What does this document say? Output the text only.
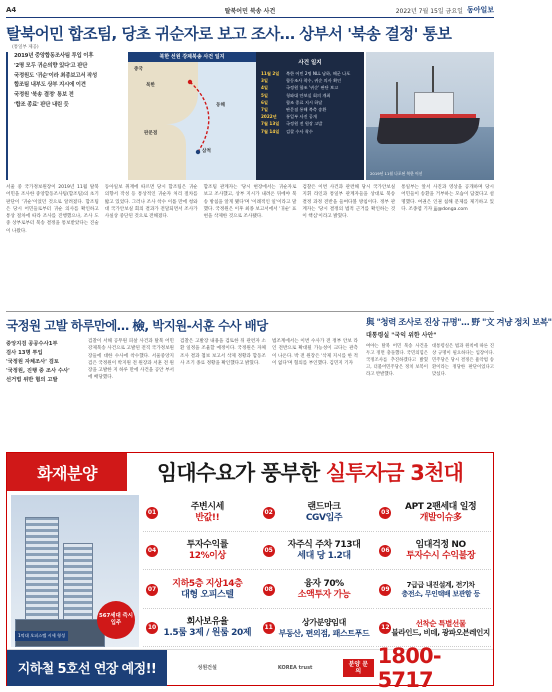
A4	탈북어민 북송 사건	2022년 7월 15일 금요일 동아일보
탈북어민 합조팀, 당초 귀순자로 보고 조사… 상부서 '북송 결정' 통보
(통일부 제공)

2019년 중앙합동조사팀 투입 이후

'2명 모두 귀순의향 있다'고 판단

국정원도 '귀순'이라 최종보고서 작성

합조팀 내부도 상부 지시에 이견

국정원 '북송 결정' 통보 전

'합조 종료' 판단 내린 듯

북한 선원 강제북송 사건 일지
북한
동해
삼척
중국
판문점
사건 일지
11월 2일	북한 어민 2명 NLL 남하, 해군 나포
3일	합동조사 착수, 귀순 의사 확인
4일	국정원 합조 '귀순' 판단 보고
5일	청와대 안보실 회의 개최
6일	합조 종료 지시 하달
7일	판문점 통해 북측 송환
2022년	통일부 사진 공개
7월 13일	국정원 전 원장 고발
7월 14일	검찰 수사 착수
2019년 11월 나포된 북한 어선
서울 중 국가정보원장이 2019년 11월 탈북 어민을 조사한 중앙합동조사팀(합조팀)의 초기 판단이 '귀순'이었던 것으로 알려졌다. 합조팀은 당시 어민들로부터 귀순 의사를 확인하고 통상 절차에 따라 조사를 진행했으나, 조사 도중 상부로부터 북송 결정을 통보받았다는 진술이 나왔다.
동아일보 취재에 따르면 당시 합조팀은 귀순 의향서 작성 등 통상적인 귀순자 처리 절차를 밟고 있었다. 그러나 조사 착수 이틀 만에 청와대 국가안보실 회의 결과가 전달되면서 조사가 사실상 중단된 것으로 전해졌다.
합조팀 관계자는 '당시 현장에서는 귀순자로 보고 조사했고, 상부 지시가 내려온 뒤에야 북송 방침을 알게 됐다'며 '이례적인 일'이라고 말했다. 국정원은 이후 최종 보고서에서 '귀순' 표현을 삭제한 것으로 조사됐다.
검찰은 이번 사건과 관련해 당시 국가안보실 지휘 라인과 통일부 관계자들을 상대로 북송 결정 과정 전반을 들여다볼 방침이다. 정부 관계자는 '당시 결정의 법적 근거를 확인하는 것이 핵심'이라고 밝혔다.
통일부는 앞서 사진과 영상을 공개하며 당시 어민들이 송환을 거부하는 모습이 담겼다고 설명했다. 여권은 인권 침해 문제를 제기하고 있다. 조종엽 기자 jjj@donga.com
국정원 고발 하루만에… 檢, 박지원-서훈 수사 배당

중앙지검 공공수사1부

검사 13명 투입

'국정원 자체조사' 검토

'국정원, 진행 중 조사 수사'

선거법 위반 혐의 고발

검찰이 서해 공무원 피살 사건과 탈북 어민 강제북송 사건으로 고발된 전직 국가정보원장들에 대한 수사에 착수했다. 서울중앙지검은 국정원이 박지원 전 원장과 서훈 전 원장을 고발한 지 하루 만에 사건을 공안 부서에 배당했다.
검찰은 고발장 내용을 검토한 뒤 관련자 소환 일정을 조율할 예정이다. 국정원은 자체 조사 결과 첩보 보고서 삭제 정황과 합동조사 조기 종료 정황을 확인했다고 밝혔다.
법조계에서는 이번 수사가 전 정부 안보 라인 전반으로 확대될 가능성이 크다는 관측이 나온다. 박 전 원장은 '삭제 지시를 한 적이 없다'며 혐의를 부인했다. 김민지 기자
與 "청력 조사로 진상 규명"… 野 "文 겨냥 정치 보복"
대통령실 "국익 위한 사안"
여야는 탈북 어민 북송 사건을 두고 정면 충돌했다. 국민의힘은 국정조사를 추진하겠다고 밝혔고, 더불어민주당은 정치 보복이라고 반발했다.
대통령실은 법과 원칙에 따른 진상 규명이 필요하다는 입장이다. 민주당은 당시 결정은 흉악범 송환이라는 정당한 판단이었다고 맞섰다.
화재분양	임대수요가 풍부한 실투자금 3천대
567세대 즉시입주
1억대 오피스텔 시세 형성
01
주변시세
반값!!
02
랜드마크
CGV입주
03
APT 2팬세대 일정
개발이슈多
04
투자수익률
12%이상
05
자주식 주차 713대
세대 당 1.2대
06
임대걱정 NO
투자수시 수익불장
07
지하5층 지상14층
대형 오피스텔
08
융자 70%
소액투자 가능
09
7급급 내진설계, 전기차
충전소, 무인택배 보관함 등
10
회사보유율
1.5룸 3제 / 원룸 20제
11
상가분양임대
부동산, 편의점, 패스트푸드
12	선착순 특별선물
블라인드, 비데, 광파오븐레인지
지하철 5호선 연장 예정!!	성원건설	KOREA trust	분양 문의
1800-5717
